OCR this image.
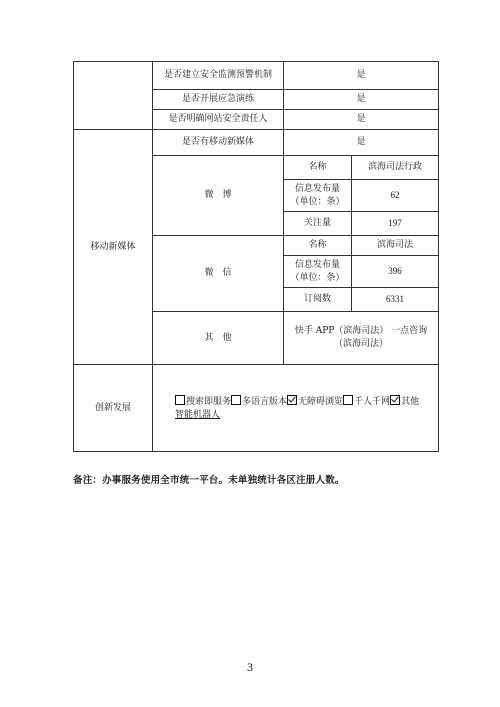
	是否建立安全监测预警机制	是	
	是否开展应急演练	是	
	是否明确网站安全责任人	是	
移动新媒体	是否有移动新媒体	是	
	微　博	名称	滨海司法行政
		信息发布量（单位：条）	62
		关注量	197
	微　信	名称	滨海司法
		信息发布量（单位：条）	396
		订阅数	6331
	其　他	快手 APP（滨海司法） 一点咨询（滨海司法）	
创新发展	搜索即服务 多语言版本 无障碍浏览 千人千网 其他
智能机器人		
备注：办事服务使用全市统一平台。未单独统计各区注册人数。
3
